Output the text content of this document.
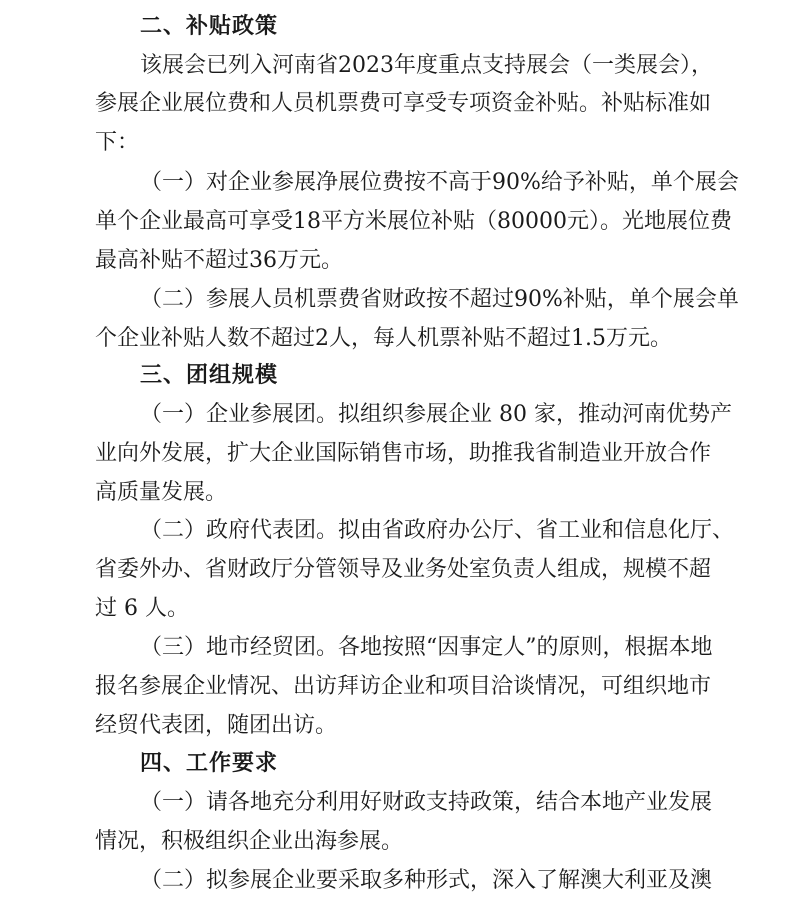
二、补贴政策
该展会已列入河南省2023年度重点支持展会（一类展会），
参展企业展位费和人员机票费可享受专项资金补贴。补贴标准如
下：
（一）对企业参展净展位费按不高于90%给予补贴，单个展会
单个企业最高可享受18平方米展位补贴（80000元）。光地展位费
最高补贴不超过36万元。
（二）参展人员机票费省财政按不超过90%补贴，单个展会单
个企业补贴人数不超过2人，每人机票补贴不超过1.5万元。
三、团组规模
（一）企业参展团。拟组织参展企业 80 家，推动河南优势产
业向外发展，扩大企业国际销售市场，助推我省制造业开放合作
高质量发展。
（二）政府代表团。拟由省政府办公厅、省工业和信息化厅、
省委外办、省财政厅分管领导及业务处室负责人组成，规模不超
过 6 人。
（三）地市经贸团。各地按照“因事定人”的原则，根据本地
报名参展企业情况、出访拜访企业和项目洽谈情况，可组织地市
经贸代表团，随团出访。
四、工作要求
（一）请各地充分利用好财政支持政策，结合本地产业发展
情况，积极组织企业出海参展。
（二）拟参展企业要采取多种形式，深入了解澳大利亚及澳
